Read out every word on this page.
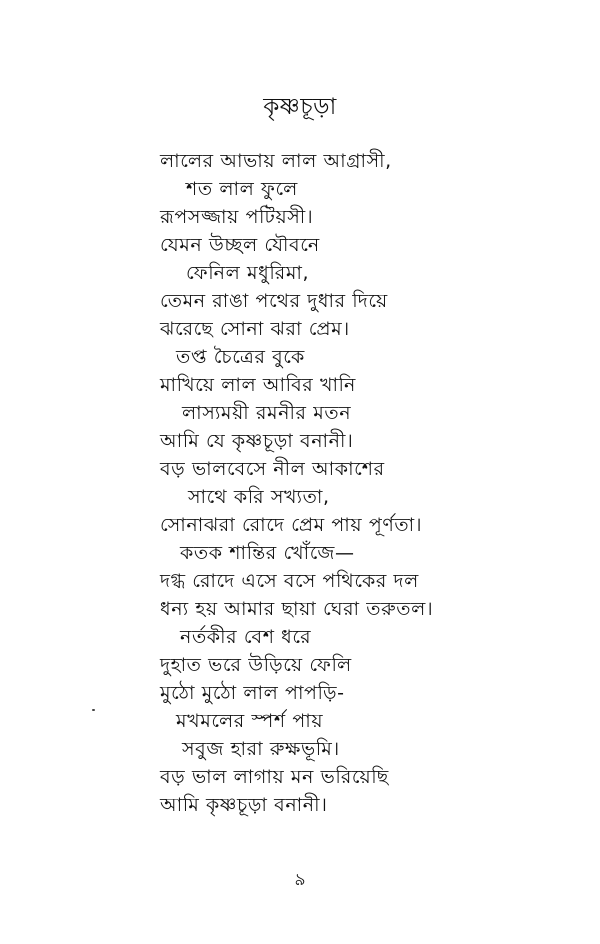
কৃষ্ণচূড়া
লালের আভায় লাল আগ্রাসী,
শত লাল ফুলে
রূপসজ্জায় পটিয়সী।
যেমন উচ্ছল যৌবনে
ফেনিল মধুরিমা,
তেমন রাঙা পথের দুধার দিয়ে
ঝরেছে সোনা ঝরা প্রেম।
তপ্ত চৈত্রের বুকে
মাখিয়ে লাল আবির খানি
লাস্যময়ী রমনীর মতন
আমি যে কৃষ্ণচূড়া বনানী।
বড় ভালবেসে নীল আকাশের
সাথে করি সখ্যতা,
সোনাঝরা রোদে প্রেম পায় পূর্ণতা।
কতক শান্তির খোঁজে—
দগ্ধ রোদে এসে বসে পথিকের দল
ধন্য হয় আমার ছায়া ঘেরা তরুতল।
নর্তকীর বেশ ধরে
দুহাত ভরে উড়িয়ে ফেলি
মুঠো মুঠো লাল পাপড়ি-
মখমলের স্পর্শ পায়
সবুজ হারা রুক্ষভূমি।
বড় ভাল লাগায় মন ভরিয়েছি
আমি কৃষ্ণচূড়া বনানী।
৯
